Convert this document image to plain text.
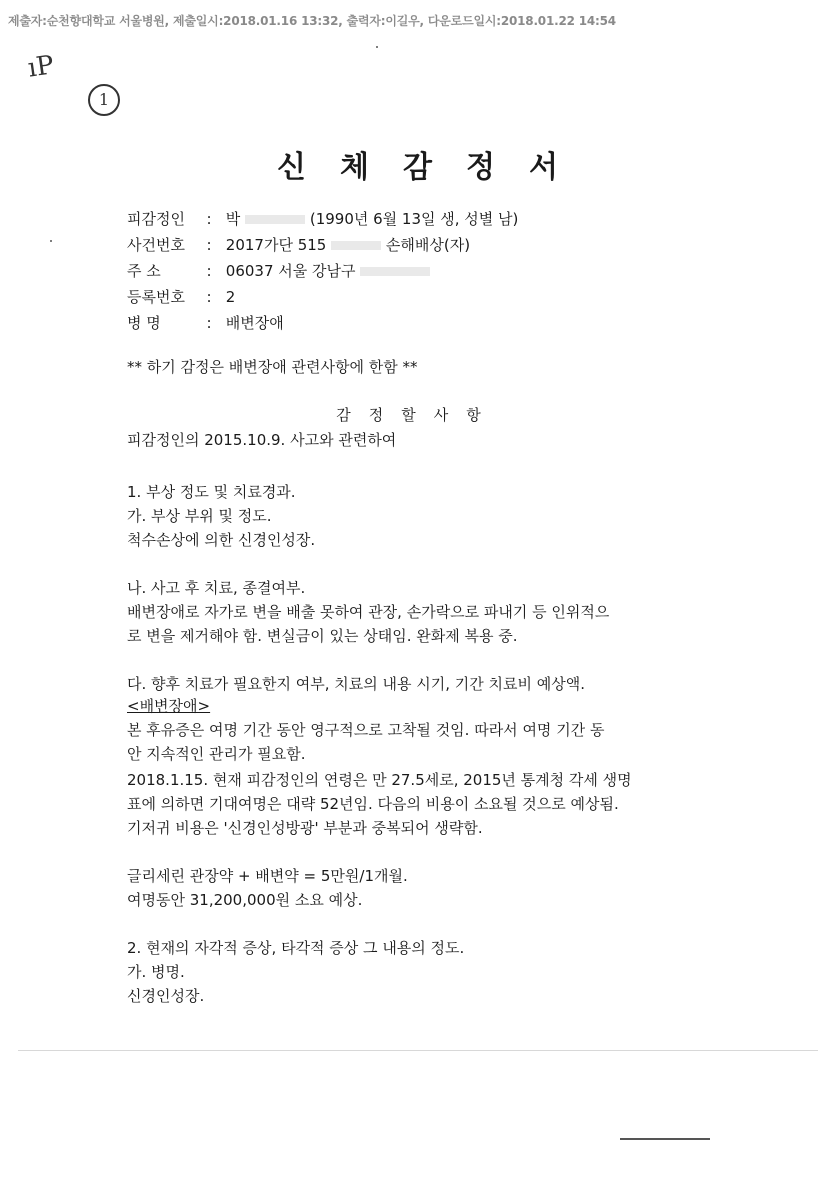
제출자:순천향대학교 서울병원, 제출일시:2018.01.16 13:32, 출력자:이길우, 다운로드일시:2018.01.22 14:54
ıP
1
신체감정서
피감정인 : 박	(1990년 6월 13일 생, 성별 남)
사건번호 : 2017가단 515	손해배상(자)
주 소	: 06037 서울 강남구
등록번호 : 2
병 명	: 배변장애
** 하기 감정은 배변장애 관련사항에 한함 **
감정할사항
피감정인의 2015.10.9. 사고와 관련하여
1. 부상 정도 및 치료경과.
가. 부상 부위 및 정도.
척수손상에 의한 신경인성장.
나. 사고 후 치료, 종결여부.
배변장애로 자가로 변을 배출 못하여 관장, 손가락으로 파내기 등 인위적으
로 변을 제거해야 함. 변실금이 있는 상태임. 완화제 복용 중.
다. 향후 치료가 필요한지 여부, 치료의 내용 시기, 기간 치료비 예상액.
<배변장애>
본 후유증은 여명 기간 동안 영구적으로 고착될 것임. 따라서 여명 기간 동
안 지속적인 관리가 필요함.
2018.1.15. 현재 피감정인의 연령은 만 27.5세로, 2015년 통계청 각세 생명
표에 의하면 기대여명은 대략 52년임. 다음의 비용이 소요될 것으로 예상됨.
기저귀 비용은 '신경인성방광' 부분과 중복되어 생략함.
글리세린 관장약 + 배변약 = 5만원/1개월.
여명동안 31,200,000원 소요 예상.
2. 현재의 자각적 증상, 타각적 증상 그 내용의 정도.
가. 병명.
신경인성장.
